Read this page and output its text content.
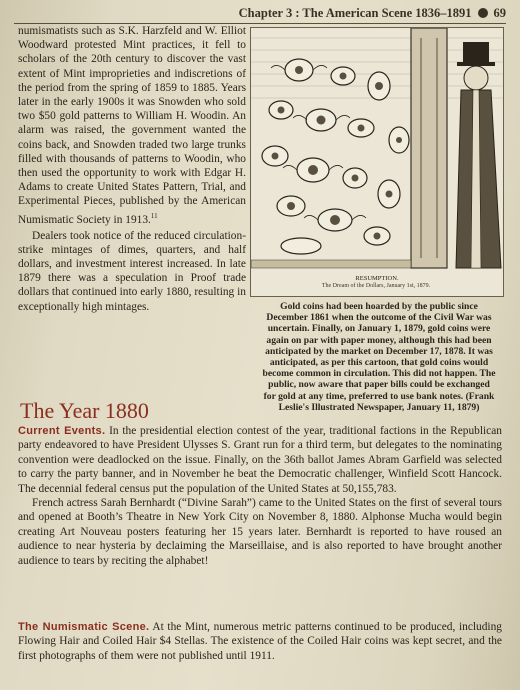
Chapter 3 : The American Scene 1836–1891 69

numismatists such as S.K. Harzfeld and W. Elliot Woodward protested Mint practices, it fell to scholars of the 20th century to discover the vast extent of Mint improprieties and indiscretions of the period from the spring of 1859 to 1885. Years later in the early 1900s it was Snowden who sold two $50 gold patterns to William H. Woodin. An alarm was raised, the government wanted the coins back, and Snowden traded two large trunks filled with thousands of patterns to Woodin, who then used the opportunity to work with Edgar H. Adams to create United States Pattern, Trial, and Experimental Pieces, published by the American Numismatic Society in 1913.11

Dealers took notice of the reduced circulation-strike mintages of dimes, quarters, and half dollars, and investment interest increased. In late 1879 there was a speculation in Proof trade dollars that continued into early 1880, resulting in exceptionally high mintages.

RESUMPTION.
The Dream of the Dollars, January 1st, 1879.
Gold coins had been hoarded by the public since December 1861 when the outcome of the Civil War was uncertain. Finally, on January 1, 1879, gold coins were again on par with paper money, although this had been anticipated by the market on December 17, 1878. It was anticipated, as per this cartoon, that gold coins would become common in circulation. This did not happen. The public, now aware that paper bills could be exchanged for gold at any time, preferred to use bank notes. (Frank Leslie's Illustrated Newspaper, January 11, 1879)
The Year 1880

Current Events. In the presidential election contest of the year, traditional factions in the Republican party endeavored to have President Ulysses S. Grant run for a third term, but delegates to the nominating convention were deadlocked on the issue. Finally, on the 36th ballot James Abram Garfield was selected to carry the party banner, and in November he beat the Democratic challenger, Winfield Scott Hancock. The decennial federal census put the population of the United States at 50,155,783.

French actress Sarah Bernhardt (“Divine Sarah”) came to the United States on the first of several tours and opened at Booth’s Theatre in New York City on November 8, 1880. Alphonse Mucha would begin creating Art Nouveau posters featuring her 15 years later. Bernhardt is reported to have roused an audience to near hysteria by declaiming the Marseillaise, and is also reported to have brought another audience to tears by reciting the alphabet!

The Numismatic Scene. At the Mint, numerous metric patterns continued to be produced, including Flowing Hair and Coiled Hair $4 Stellas. The existence of the Coiled Hair coins was kept secret, and the first photographs of them were not published until 1911.
